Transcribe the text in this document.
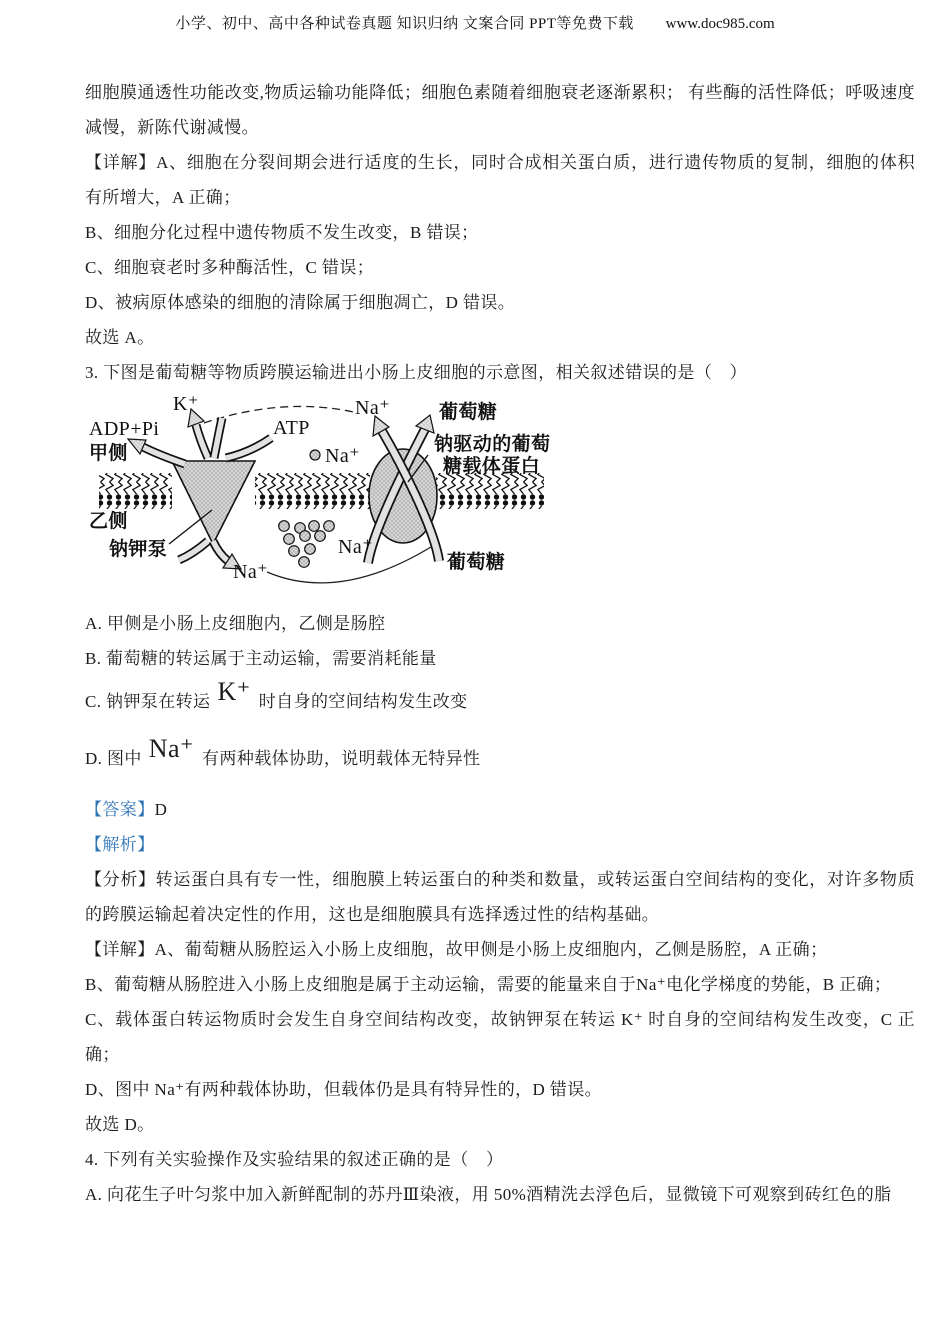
小学、初中、高中各种试卷真题 知识归纳 文案合同 PPT等免费下载 www.doc985.com

细胞膜通透性功能改变,物质运输功能降低；细胞色素随着细胞衰老逐渐累积； 有些酶的活性降低；呼吸速度减慢，新陈代谢减慢。

【详解】A、细胞在分裂间期会进行适度的生长，同时合成相关蛋白质，进行遗传物质的复制，细胞的体积有所增大，A 正确；

B、细胞分化过程中遗传物质不发生改变，B 错误；

C、细胞衰老时多种酶活性，C 错误；

D、被病原体感染的细胞的清除属于细胞凋亡，D 错误。

故选 A。

3. 下图是葡萄糖等物质跨膜运输进出小肠上皮细胞的示意图，相关叙述错误的是（　）

ADP+Pi
K⁺
ATP
Na⁺	葡萄糖
钠驱动的葡萄
糖载体蛋白
甲侧
乙侧
钠钾泵
Na⁺
Na⁺
Na⁺
葡萄糖

A. 甲侧是小肠上皮细胞内，乙侧是肠腔

B. 葡萄糖的转运属于主动运输，需要消耗能量

C. 钠钾泵在转运 K⁺ 时自身的空间结构发生改变

D. 图中 Na⁺ 有两种载体协助，说明载体无特异性

【答案】D

【解析】

【分析】转运蛋白具有专一性，细胞膜上转运蛋白的种类和数量，或转运蛋白空间结构的变化，对许多物质的跨膜运输起着决定性的作用，这也是细胞膜具有选择透过性的结构基础。

【详解】A、葡萄糖从肠腔运入小肠上皮细胞，故甲侧是小肠上皮细胞内，乙侧是肠腔，A 正确；

B、葡萄糖从肠腔进入小肠上皮细胞是属于主动运输，需要的能量来自于Na⁺电化学梯度的势能，B 正确；

C、载体蛋白转运物质时会发生自身空间结构改变，故钠钾泵在转运 K⁺ 时自身的空间结构发生改变，C 正确；

D、图中 Na⁺有两种载体协助，但载体仍是具有特异性的，D 错误。

故选 D。

4. 下列有关实验操作及实验结果的叙述正确的是（　）

A. 向花生子叶匀浆中加入新鲜配制的苏丹Ⅲ染液，用 50%酒精洗去浮色后，显微镜下可观察到砖红色的脂
